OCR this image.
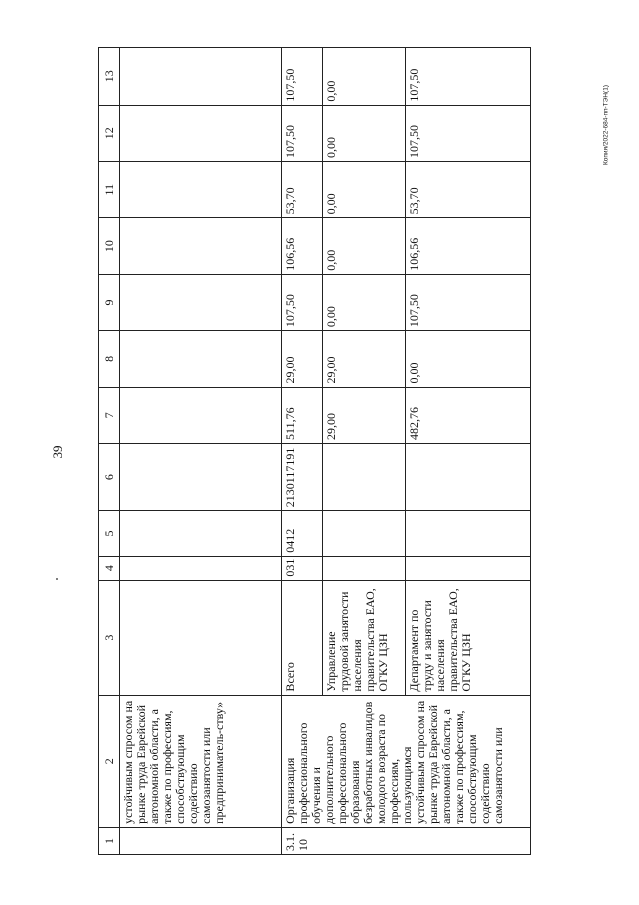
39
Копия/2022-684-пп-ТЭН(1)
1	2	3	4	5	6	7	8	9	10	11	12	13
	устойчивым спросом на рынке труда Еврейской автономной области, а также по профессиям, способствующим содействию самозанятости или предприниматель-ству»											
3.1.10	Организация профессионального обучения и дополнительного профессионального образования безработных инвалидов молодого возраста по профессиям, пользующимся устойчивым спросом на рынке труда Еврейской автономной области, а также по профессиям, способствующим содействию самозанятости или	Всего	031	0412	2130117191	511,76	29,00	107,50	106,56	53,70	107,50	107,50
		Управление трудовой занятости населения правительства ЕАО, ОГКУ ЦЗН				29,00	29,00	0,00	0,00	0,00	0,00	0,00
		Департамент по труду и занятости населения правительства ЕАО, ОГКУ ЦЗН				482,76	0,00	107,50	106,56	53,70	107,50	107,50
